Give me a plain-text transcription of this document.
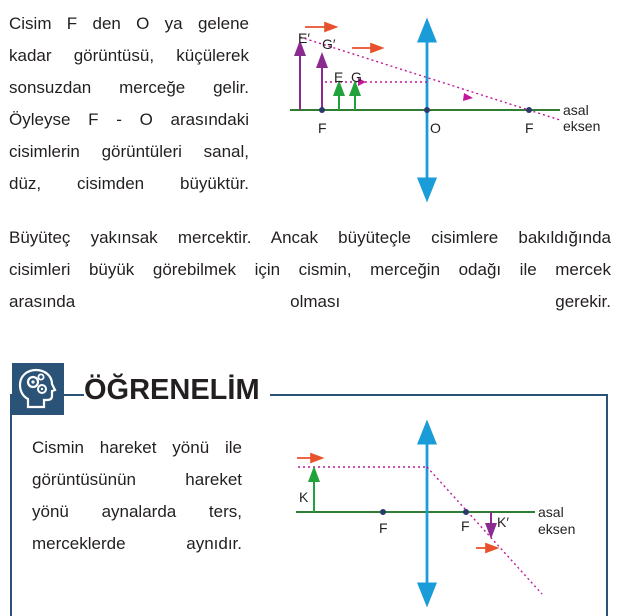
Cisim F den O ya gelene
kadar görüntüsü, küçülerek
sonsuzdan merceğe gelir.
Öyleyse F - O arasındaki
cisimlerin görüntüleri sanal,
düz, cisimden büyüktür.
E′ G′
E G
F	O	F
asal
eksen
Büyüteç yakınsak mercektir. Ancak büyüteçle cisimlere bakıldığında
cisimleri büyük görebilmek için cismin, merceğin odağı ile mercek
arasında olması gerekir.
ÖĞRENELİM
Cismin hareket yönü ile
görüntüsünün hareket
yönü aynalarda ters,
merceklerde aynıdır.
K
F	F K′
asal
eksen
